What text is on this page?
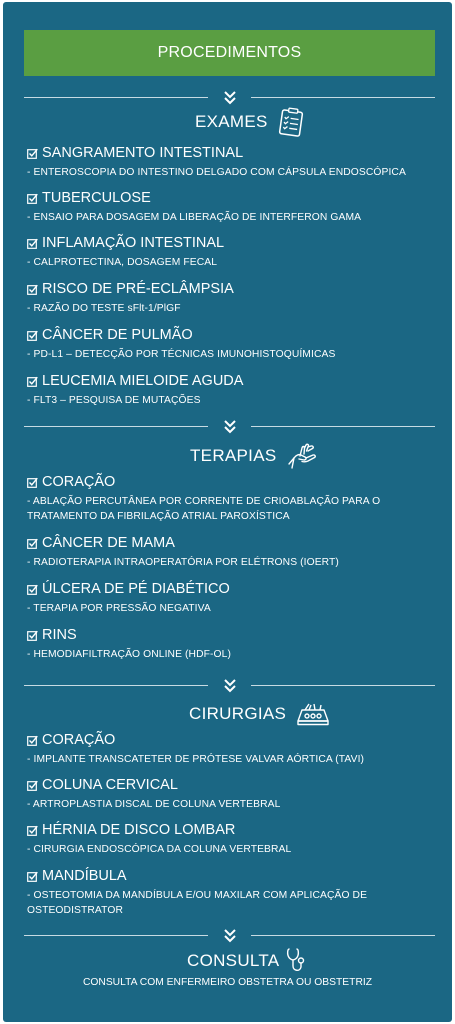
PROCEDIMENTOS
EXAMES
SANGRAMENTO INTESTINAL
- ENTEROSCOPIA DO INTESTINO DELGADO COM CÁPSULA ENDOSCÓPICA
TUBERCULOSE
- ENSAIO PARA DOSAGEM DA LIBERAÇÃO DE INTERFERON GAMA
INFLAMAÇÃO INTESTINAL
- CALPROTECTINA, DOSAGEM FECAL
RISCO DE PRÉ-ECLÂMPSIA
- RAZÃO DO TESTE sFlt-1/PlGF
CÂNCER DE PULMÃO
- PD-L1 – DETECÇÃO POR TÉCNICAS IMUNOHISTOQUÍMICAS
LEUCEMIA MIELOIDE AGUDA
- FLT3 – PESQUISA DE MUTAÇÕES
TERAPIAS
CORAÇÃO
- ABLAÇÃO PERCUTÂNEA POR CORRENTE DE CRIOABLAÇÃO PARA O TRATAMENTO DA FIBRILAÇÃO ATRIAL PAROXÍSTICA
CÂNCER DE MAMA
- RADIOTERAPIA INTRAOPERATÓRIA POR ELÉTRONS (IOERT)
ÚLCERA DE PÉ DIABÉTICO
- TERAPIA POR PRESSÃO NEGATIVA
RINS
- HEMODIAFILTRAÇÃO ONLINE (HDF-OL)
CIRURGIAS
CORAÇÃO
- IMPLANTE TRANSCATETER DE PRÓTESE VALVAR AÓRTICA (TAVI)
COLUNA CERVICAL
- ARTROPLASTIA DISCAL DE COLUNA VERTEBRAL
HÉRNIA DE DISCO LOMBAR
- CIRURGIA ENDOSCÓPICA DA COLUNA VERTEBRAL
MANDÍBULA
- OSTEOTOMIA DA MANDÍBULA E/OU MAXILAR COM APLICAÇÃO DE OSTEODISTRATOR
CONSULTA
CONSULTA COM ENFERMEIRO OBSTETRA OU OBSTETRIZ
